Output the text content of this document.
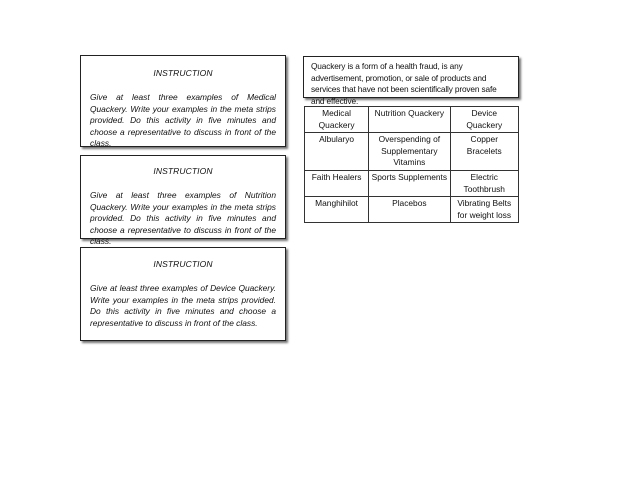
INSTRUCTION
Give at least three examples of Medical Quackery. Write your examples in the meta strips provided. Do this activity in five minutes and choose a representative to discuss in front of the class.
INSTRUCTION
Give at least three examples of Nutrition Quackery. Write your examples in the meta strips provided. Do this activity in five minutes and choose a representative to discuss in front of the class.
INSTRUCTION
Give at least three examples of Device Quackery. Write your examples in the meta strips provided. Do this activity in five minutes and choose a representative to discuss in front of the class.
Quackery is a form of a health fraud, is any advertisement, promotion, or sale of products and services that have not been scientifically proven safe and effective.
Medical Quackery	Nutrition Quackery	Device Quackery
Albularyo	Overspending of Supplementary Vitamins	Copper Bracelets
Faith Healers	Sports Supplements	Electric Toothbrush
Manghihilot	Placebos	Vibrating Belts for weight loss
